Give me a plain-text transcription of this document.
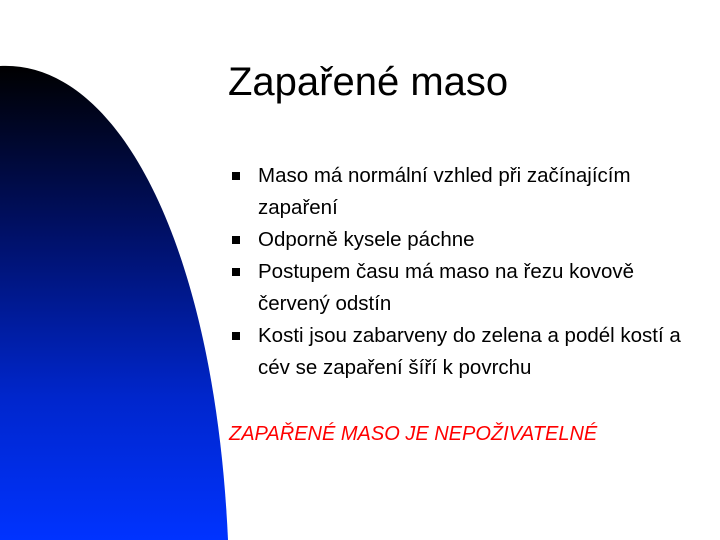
Zapařené maso
Maso má normální vzhled při začínajícím zapaření
Odporně kysele páchne
Postupem času má maso na řezu kovově červený odstín
Kosti jsou zabarveny do zelena a podél kostí a cév se zapaření šíří k povrchu

ZAPAŘENÉ MASO JE NEPOŽIVATELNÉ
